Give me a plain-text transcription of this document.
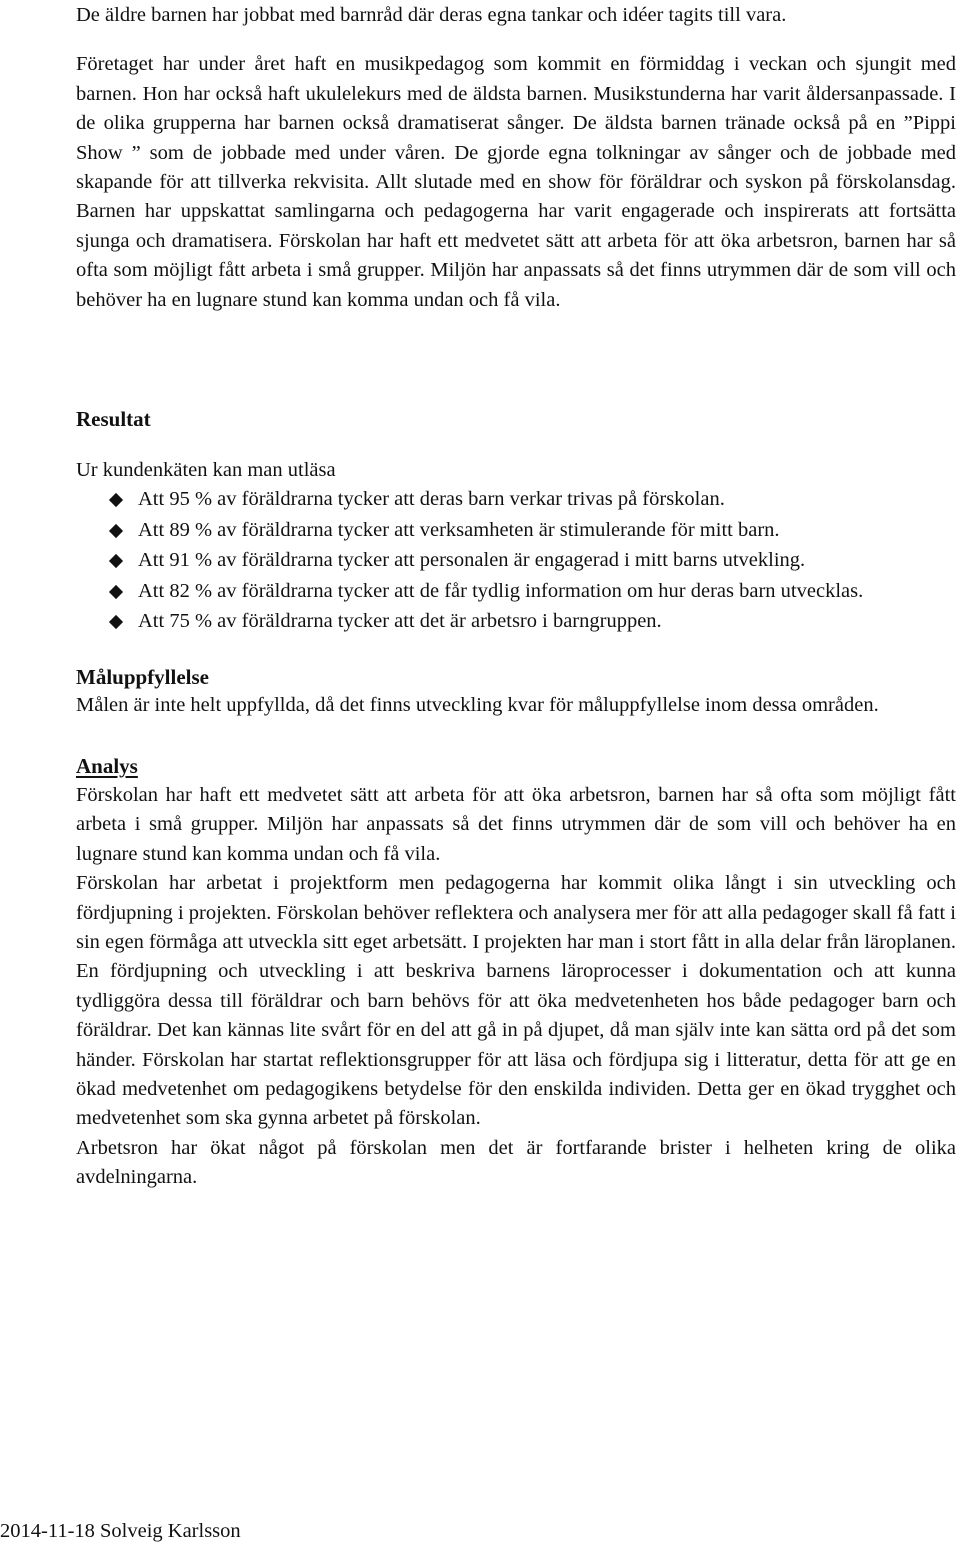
De äldre barnen har jobbat med barnråd där deras egna tankar och idéer tagits till vara.

Företaget har under året haft en musikpedagog som kommit en förmiddag i veckan och sjungit med barnen. Hon har också haft ukulelekurs med de äldsta barnen. Musikstunderna har varit åldersanpassade. I de olika grupperna har barnen också dramatiserat sånger. De äldsta barnen tränade också på en ”Pippi Show ” som de jobbade med under våren. De gjorde egna tolkningar av sånger och de jobbade med skapande för att tillverka rekvisita. Allt slutade med en show för föräldrar och syskon på förskolansdag. Barnen har uppskattat samlingarna och pedagogerna har varit engagerade och inspirerats att fortsätta sjunga och dramatisera. Förskolan har haft ett medvetet sätt att arbeta för att öka arbetsron, barnen har så ofta som möjligt fått arbeta i små grupper. Miljön har anpassats så det finns utrymmen där de som vill och behöver ha en lugnare stund kan komma undan och få vila.

Resultat

Ur kundenkäten kan man utläsa

Att 95 % av föräldrarna tycker att deras barn verkar trivas på förskolan.
Att 89 % av föräldrarna tycker att verksamheten är stimulerande för mitt barn.
Att 91 % av föräldrarna tycker att personalen är engagerad i mitt barns utvekling.
Att 82 % av föräldrarna tycker att de får tydlig information om hur deras barn utvecklas.
Att 75 % av föräldrarna tycker att det är arbetsro i barngruppen.
Måluppfyllelse

Målen är inte helt uppfyllda, då det finns utveckling kvar för måluppfyllelse inom dessa områden.

Analys

Förskolan har haft ett medvetet sätt att arbeta för att öka arbetsron, barnen har så ofta som möjligt fått arbeta i små grupper. Miljön har anpassats så det finns utrymmen där de som vill och behöver ha en lugnare stund kan komma undan och få vila.

Förskolan har arbetat i projektform men pedagogerna har kommit olika långt i sin utveckling och fördjupning i projekten. Förskolan behöver reflektera och analysera mer för att alla pedagoger skall få fatt i sin egen förmåga att utveckla sitt eget arbetsätt. I projekten har man i stort fått in alla delar från läroplanen. En fördjupning och utveckling i att beskriva barnens läroprocesser i dokumentation och att kunna tydliggöra dessa till föräldrar och barn behövs för att öka medvetenheten hos både pedagoger barn och föräldrar. Det kan kännas lite svårt för en del att gå in på djupet, då man själv inte kan sätta ord på det som händer. Förskolan har startat reflektionsgrupper för att läsa och fördjupa sig i litteratur, detta för att ge en ökad medvetenhet om pedagogikens betydelse för den enskilda individen. Detta ger en ökad trygghet och medvetenhet som ska gynna arbetet på förskolan.

Arbetsron har ökat något på förskolan men det är fortfarande brister i helheten kring de olika avdelningarna.

2014-11-18 Solveig Karlsson
